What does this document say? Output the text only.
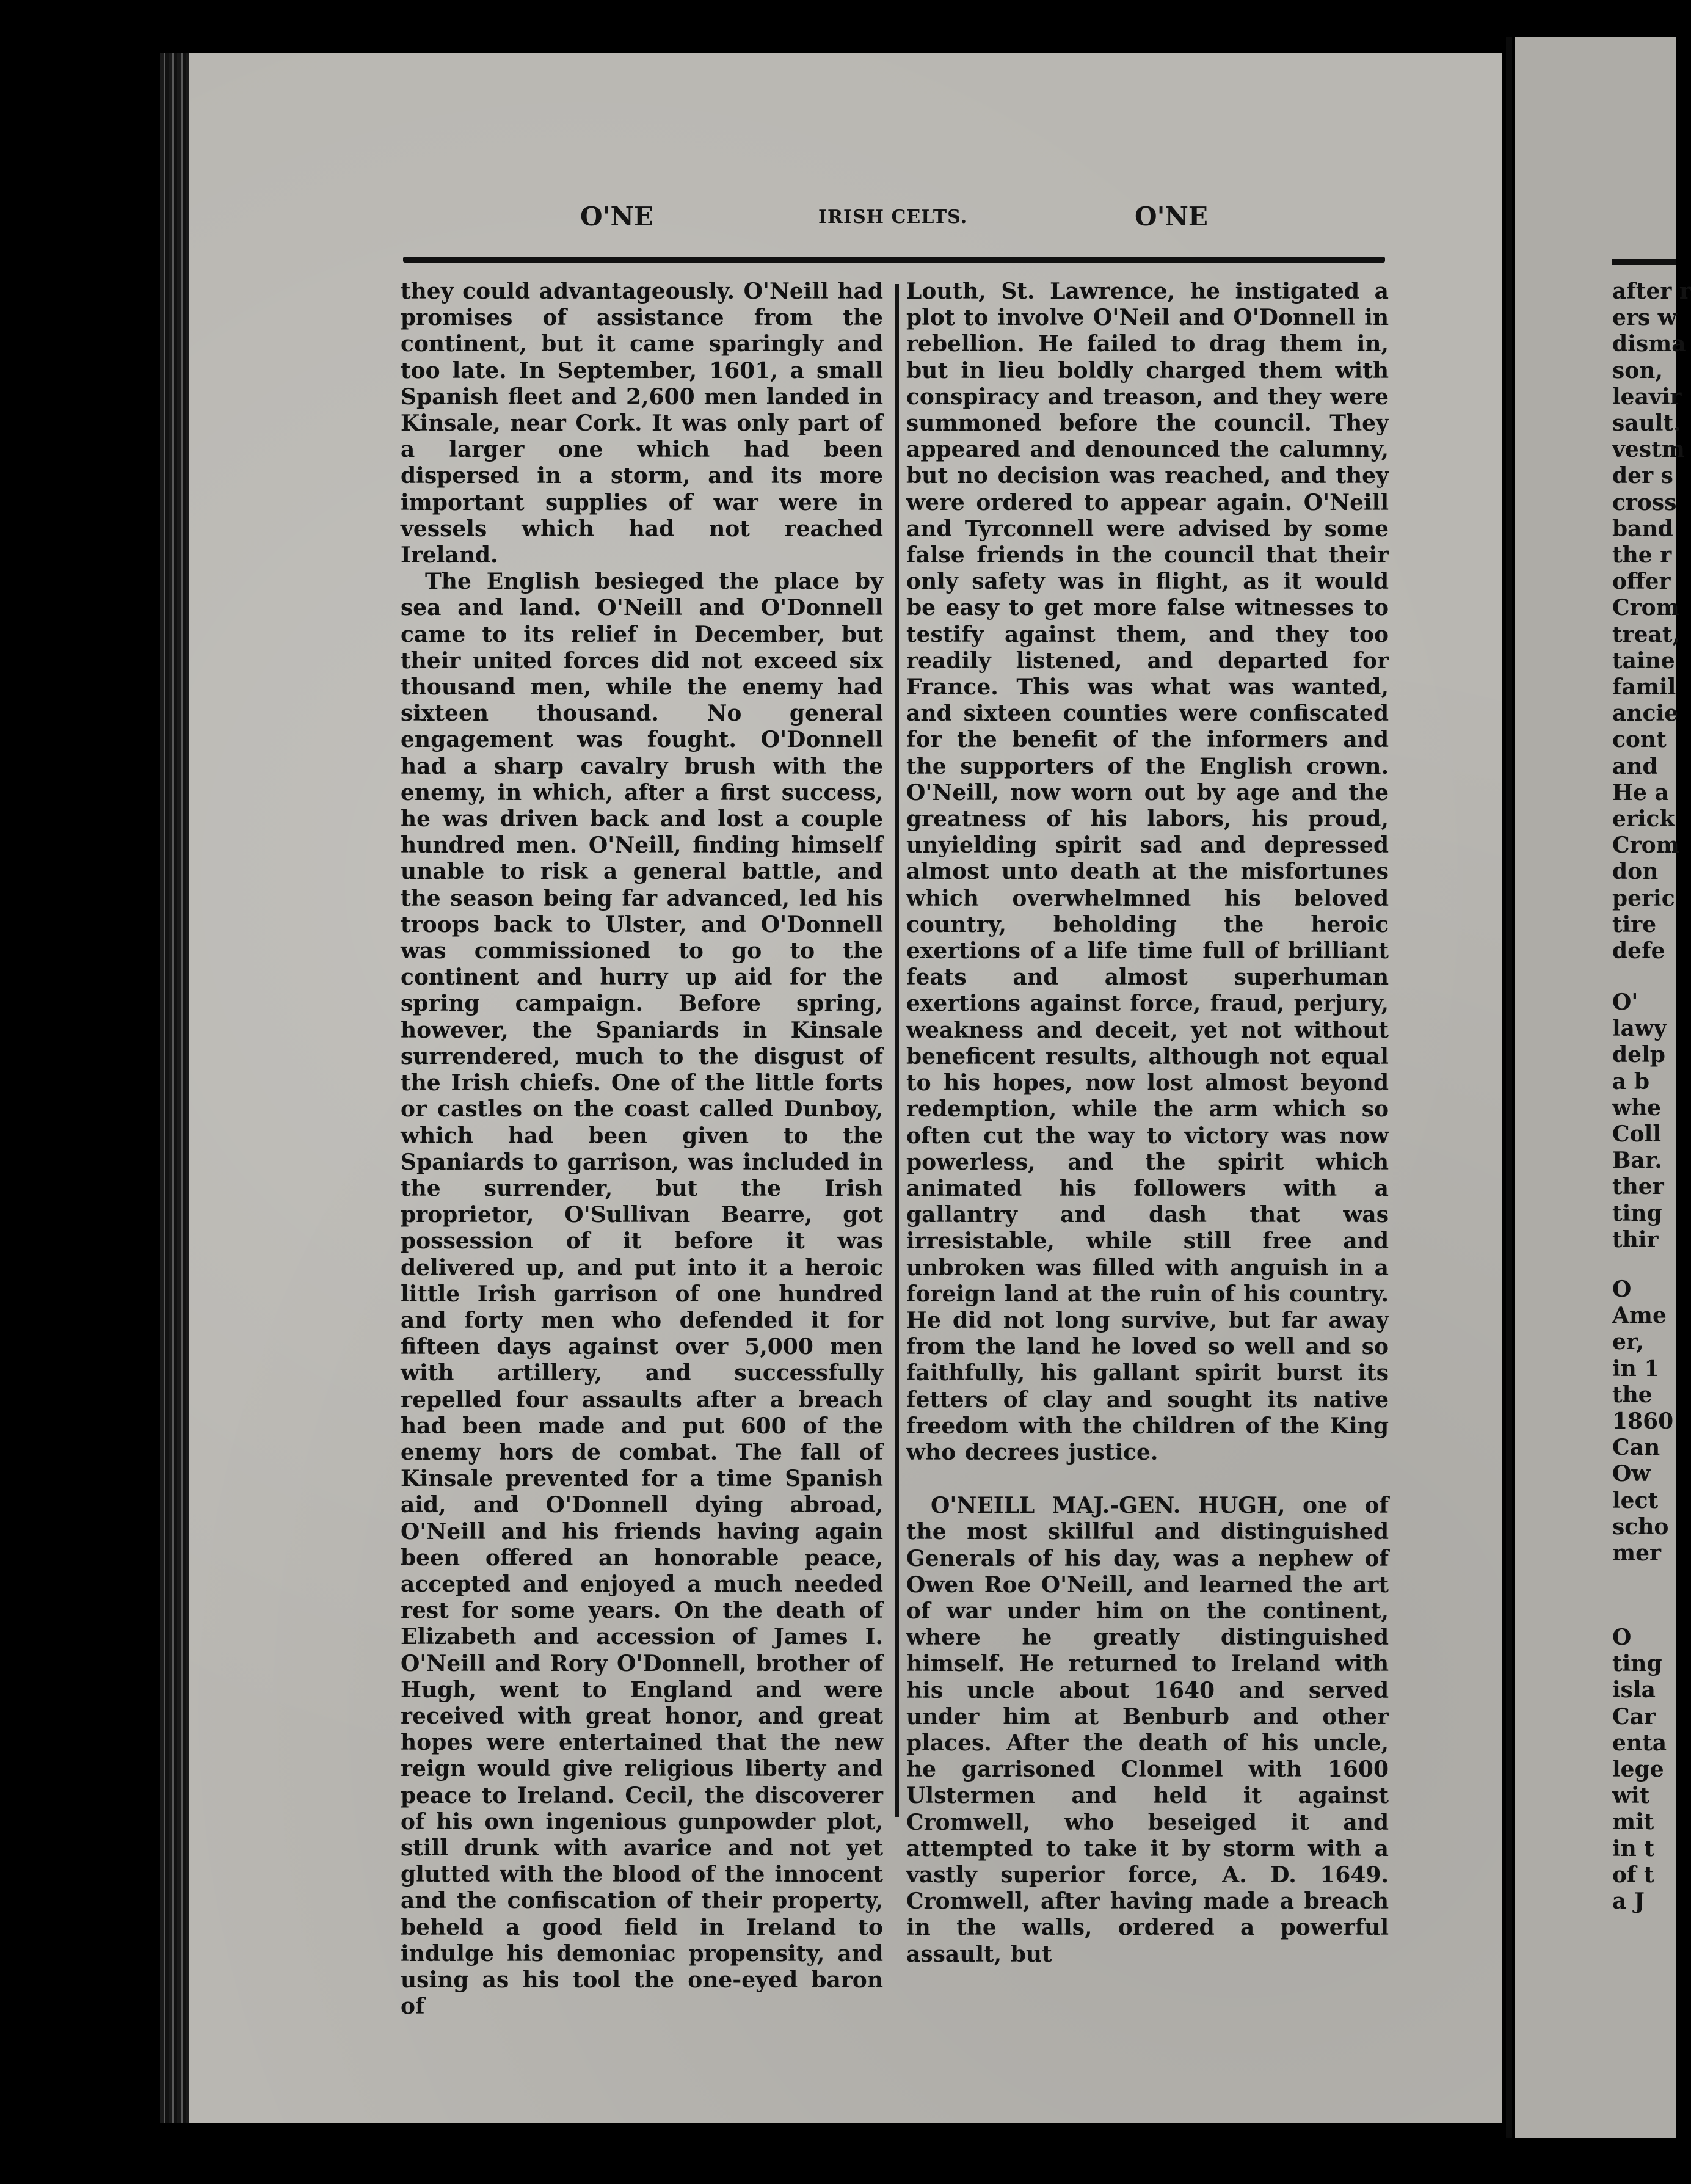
O'NE	IRISH CELTS.	O'NE

they could advantageously. O'Neill had promises of assistance from the continent, but it came sparingly and too late. In September, 1601, a small Spanish fleet and 2,600 men landed in Kinsale, near Cork. It was only part of a larger one which had been dispersed in a storm, and its more important supplies of war were in vessels which had not reached Ireland.

The English besieged the place by sea and land. O'Neill and O'Donnell came to its relief in December, but their united forces did not exceed six thousand men, while the enemy had sixteen thousand. No general engagement was fought. O'Donnell had a sharp cavalry brush with the enemy, in which, after a first success, he was driven back and lost a couple hundred men. O'Neill, finding himself unable to risk a general battle, and the season being far advanced, led his troops back to Ulster, and O'Donnell was commissioned to go to the continent and hurry up aid for the spring campaign. Before spring, however, the Spaniards in Kinsale surrendered, much to the disgust of the Irish chiefs. One of the little forts or castles on the coast called Dunboy, which had been given to the Spaniards to garrison, was included in the surrender, but the Irish proprietor, O'Sullivan Bearre, got possession of it before it was delivered up, and put into it a heroic little Irish garrison of one hundred and forty men who defended it for fifteen days against over 5,000 men with artillery, and successfully repelled four assaults after a breach had been made and put 600 of the enemy hors de combat. The fall of Kinsale prevented for a time Spanish aid, and O'Donnell dying abroad, O'Neill and his friends having again been offered an honorable peace, accepted and enjoyed a much needed rest for some years. On the death of Elizabeth and accession of James I. O'Neill and Rory O'Donnell, brother of Hugh, went to England and were received with great honor, and great hopes were entertained that the new reign would give religious liberty and peace to Ireland. Cecil, the discoverer of his own ingenious gunpowder plot, still drunk with avarice and not yet glutted with the blood of the innocent and the confiscation of their property, beheld a good field in Ireland to indulge his demoniac propensity, and using as his tool the one-eyed baron of

Louth, St. Lawrence, he instigated a plot to involve O'Neil and O'Donnell in rebellion. He failed to drag them in, but in lieu boldly charged them with conspiracy and treason, and they were summoned before the council. They appeared and denounced the calumny, but no decision was reached, and they were ordered to appear again. O'Neill and Tyrconnell were advised by some false friends in the council that their only safety was in flight, as it would be easy to get more false witnesses to testify against them, and they too readily listened, and departed for France. This was what was wanted, and sixteen counties were confiscated for the benefit of the informers and the supporters of the English crown. O'Neill, now worn out by age and the greatness of his labors, his proud, unyielding spirit sad and depressed almost unto death at the misfortunes which overwhelmned his beloved country, beholding the heroic exertions of a life time full of brilliant feats and almost superhuman exertions against force, fraud, perjury, weakness and deceit, yet not without beneficent results, although not equal to his hopes, now lost almost beyond redemption, while the arm which so often cut the way to victory was now powerless, and the spirit which animated his followers with a gallantry and dash that was irresistable, while still free and unbroken was filled with anguish in a foreign land at the ruin of his country. He did not long survive, but far away from the land he loved so well and so faithfully, his gallant spirit burst its fetters of clay and sought its native freedom with the children of the King who decrees justice.

O'NEILL MAJ.-GEN. HUGH, one of the most skillful and distinguished Generals of his day, was a nephew of Owen Roe O'Neill, and learned the art of war under him on the continent, where he greatly distinguished himself. He returned to Ireland with his uncle about 1640 and served under him at Benburb and other places. After the death of his uncle, he garrisoned Clonmel with 1600 Ulstermen and held it against Cromwell, who beseiged it and attempted to take it by storm with a vastly superior force, A. D. 1649. Cromwell, after having made a breach in the walls, ordered a powerful assault, but

after r
ers w
disma
son,
leavir
sault.
vestm
der s
cross
band
the r
offer
Crom
treat,
taine
famil
ancie
cont
and
He a
erick
Crom
don
peric
tire
defe
O'
lawy
delp
a b
whe
Coll
Bar.
ther
ting
thir
O
Ame
er,
in 1
the
1860
Can
Ow
lect
scho
mer
O
ting
isla
Car
enta
lege
wit
mit
in t
of t
a J
